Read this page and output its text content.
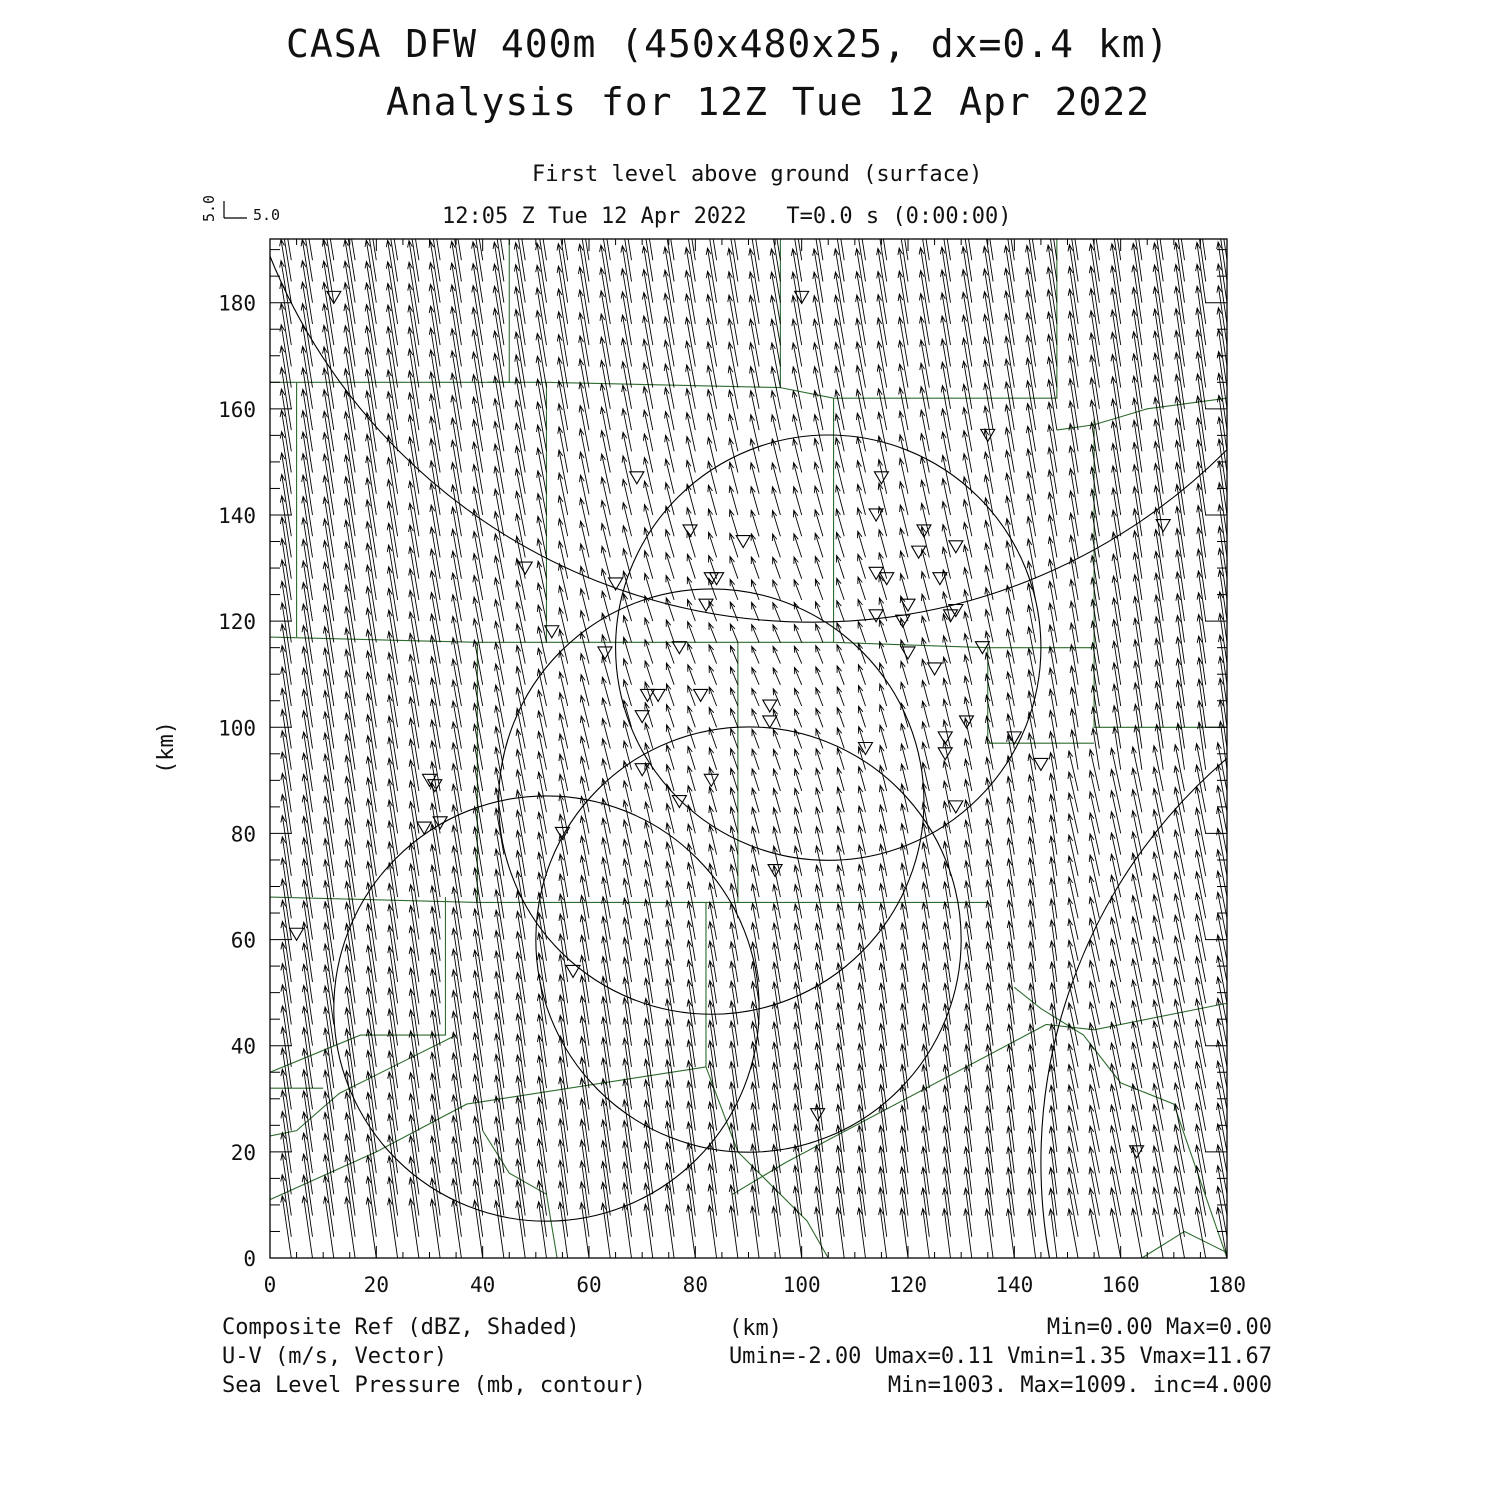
CASA DFW 400m (450x480x25, dx=0.4 km)
Analysis for 12Z Tue 12 Apr 2022
First level above ground (surface)
12:05 Z Tue 12 Apr 2022   T=0.0 s (0:00:00)
0	20	40	60	80	100	120	140	160	180
0
20
40
60
80
100
120
140
160
180
5.0 5.0
(km)
(km)
Composite Ref (dBZ, Shaded)	Min=0.00 Max=0.00
U-V (m/s, Vector)	Umin=-2.00 Umax=0.11 Vmin=1.35 Vmax=11.67
Sea Level Pressure (mb, contour)	Min=1003. Max=1009. inc=4.000
